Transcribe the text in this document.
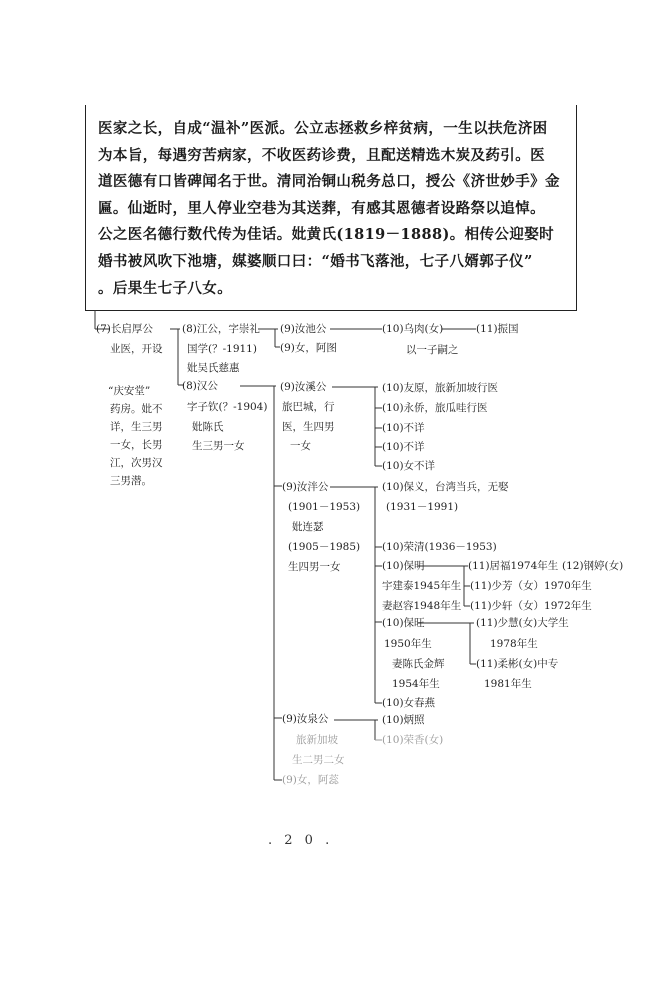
医家之长，自成“温补”医派。公立志拯救乡梓贫病，一生以扶危济困
为本旨，每遇穷苦病家，不收医药诊费，且配送精选木炭及药引。医
道医德有口皆碑闻名于世。清同治铜山税务总口，授公《济世妙手》金
匾。仙逝时，里人停业空巷为其送葬，有感其恩德者设路祭以追悼。
公之医名德行数代传为佳话。妣黄氏(1819－1888)。相传公迎娶时
婚书被风吹下池塘，媒婆顺口曰：“婚书飞落池，七子八婿郭子仪”
。后果生七子八女。
(7)长启厚公
业医，开设
“庆安堂”
药房。妣不
详，生三男
一女，长男
江，次男汉
三男潜。
(8)江公，字崇礼
国学(？-1911)
妣吴氏慈惠
(8)汉公
字子钦(？-1904)
妣陈氏
生三男一女
(9)汝池公
(9)女，阿图
(10)乌肉(女)
以一子嗣之
(11)振国
(9)汝溪公
旅巴城，行
医，生四男
一女
(10)友原，旅新加坡行医
(10)永侨，旅瓜哇行医
(10)不详
(10)不详
(10)女不详
(9)汝泮公
(1901－1953)
妣连瑟
(1905－1985)
生四男一女
(10)保义，台湾当兵，无娶
(1931－1991)
(10)荣清(1936－1953)
(10)保明
宇建泰1945年生
妻赵容1948年生
(11)居福1974年生 (12)钢婷(女)
(11)少芳（女）1970年生
(11)少轩（女）1972年生
(10)保旺
1950年生
妻陈氏金辉
1954年生
(10)女春燕
(11)少慧(女)大学生
1978年生
(11)柔彬(女)中专
1981年生
(9)汝泉公
旅新加坡
生二男二女
(10)炳照
(10)荣香(女)
(9)女，阿蕊
. 2 0 .
